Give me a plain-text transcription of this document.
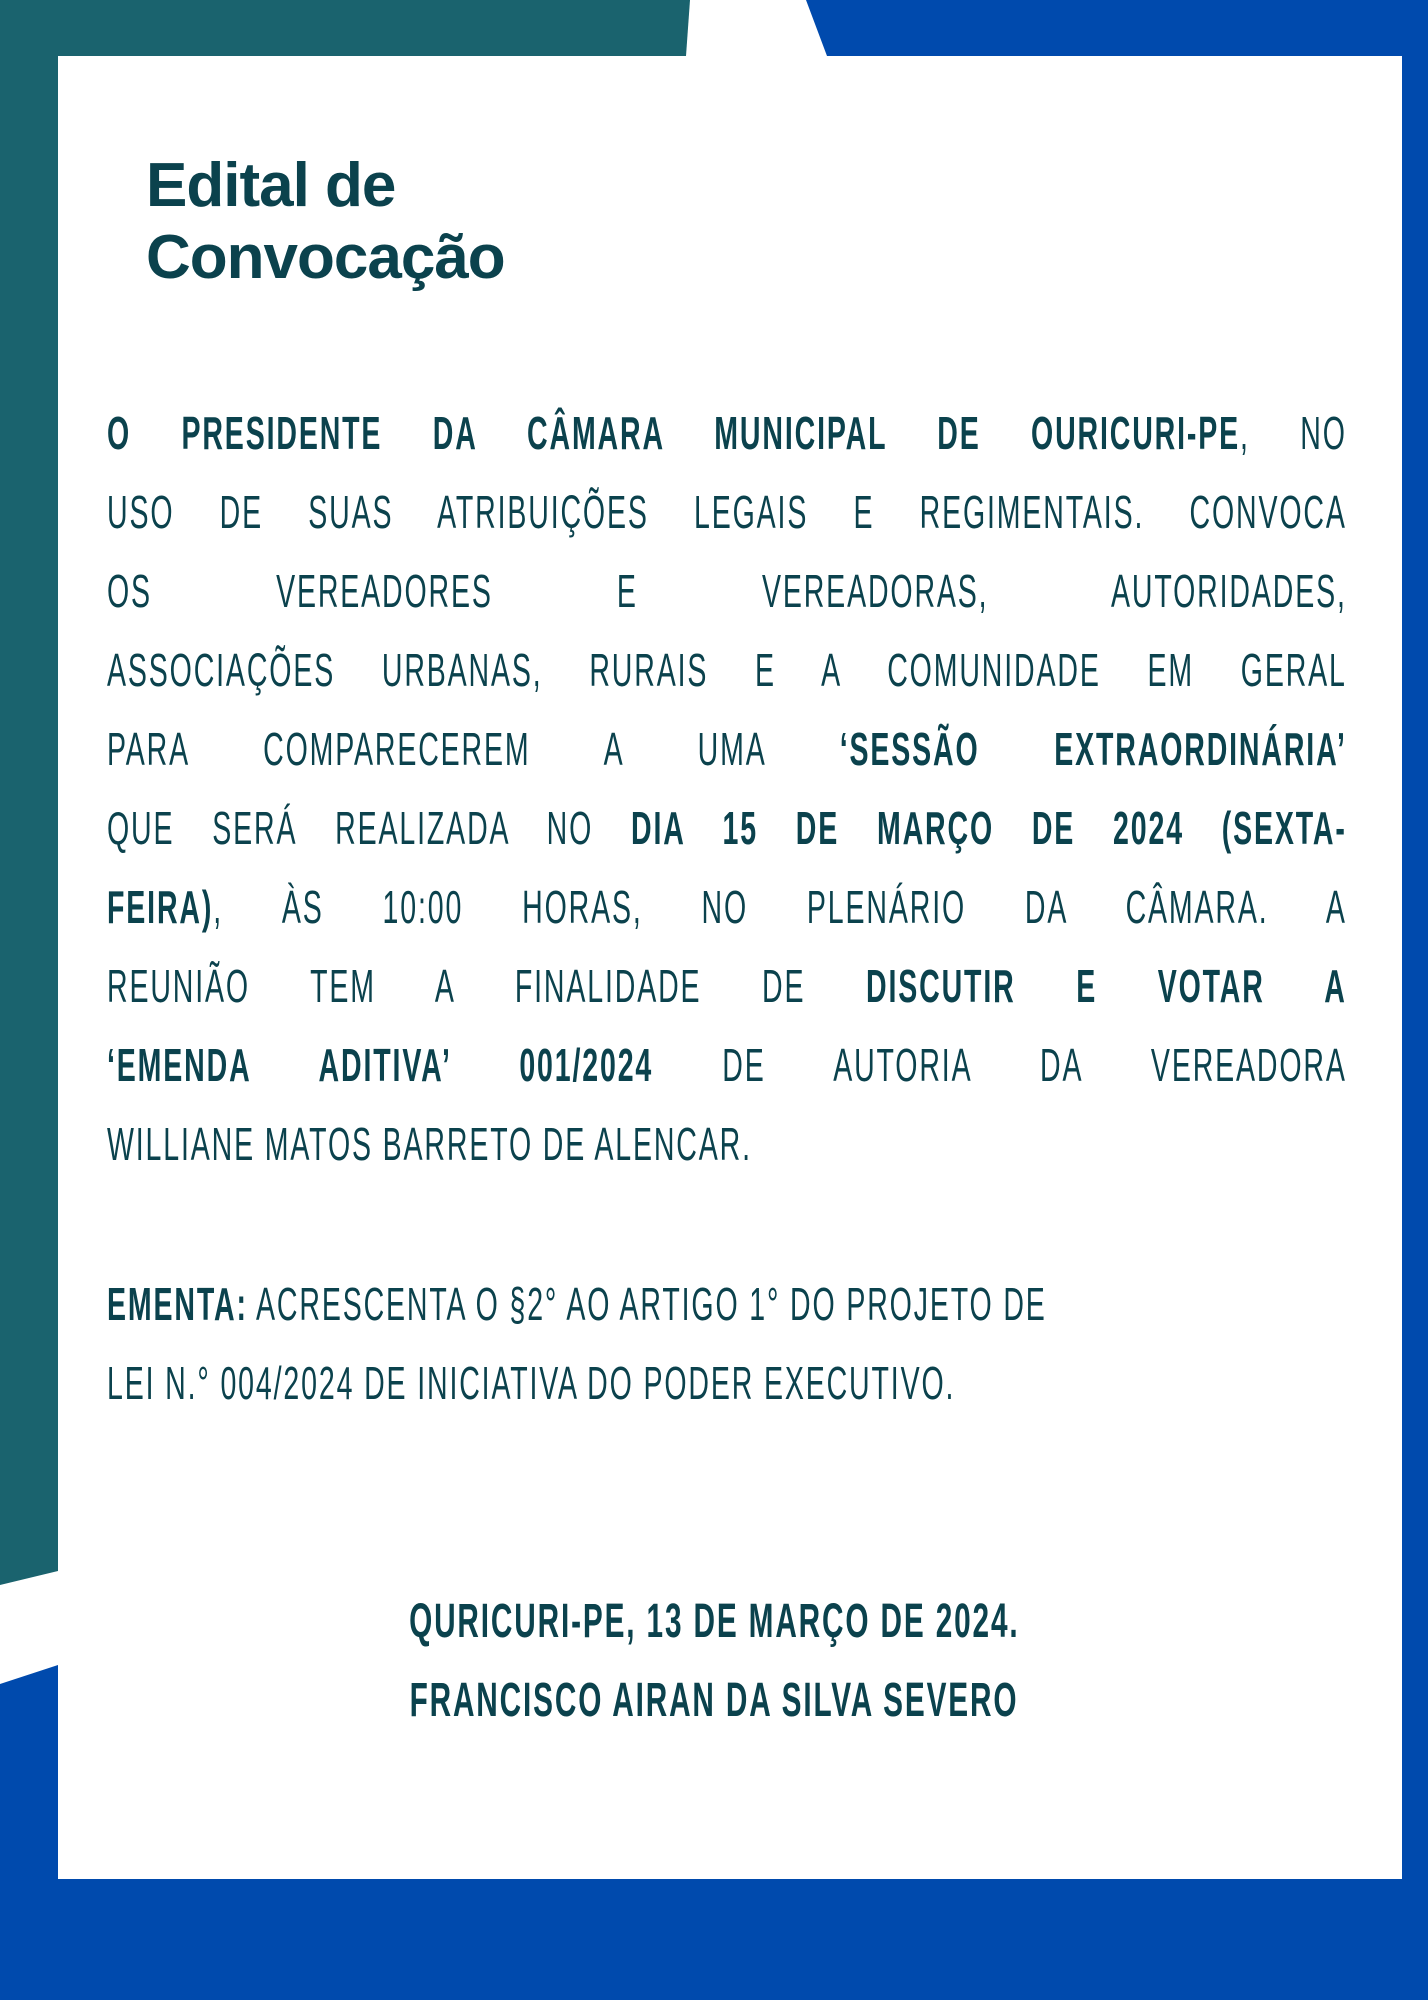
Edital de
Convocação
O PRESIDENTE DA CÂMARA MUNICIPAL DE OURICURI-PE, NO
USO DE SUAS ATRIBUIÇÕES LEGAIS E REGIMENTAIS. CONVOCA
OS VEREADORES E VEREADORAS, AUTORIDADES,
ASSOCIAÇÕES URBANAS, RURAIS E A COMUNIDADE EM GERAL
PARA COMPARECEREM A UMA ‘SESSÃO EXTRAORDINÁRIA’
QUE SERÁ REALIZADA NO DIA 15 DE MARÇO DE 2024 (SEXTA-
FEIRA), ÀS 10:00 HORAS, NO PLENÁRIO DA CÂMARA. A
REUNIÃO TEM A FINALIDADE DE DISCUTIR E VOTAR A
‘EMENDA ADITIVA’ 001/2024 DE AUTORIA DA VEREADORA
WILLIANE MATOS BARRETO DE ALENCAR.
EMENTA: ACRESCENTA O §2° AO ARTIGO 1° DO PROJETO DE
LEI N.° 004/2024 DE INICIATIVA DO PODER EXECUTIVO.
QURICURI-PE, 13 DE MARÇO DE 2024.
FRANCISCO AIRAN DA SILVA SEVERO
